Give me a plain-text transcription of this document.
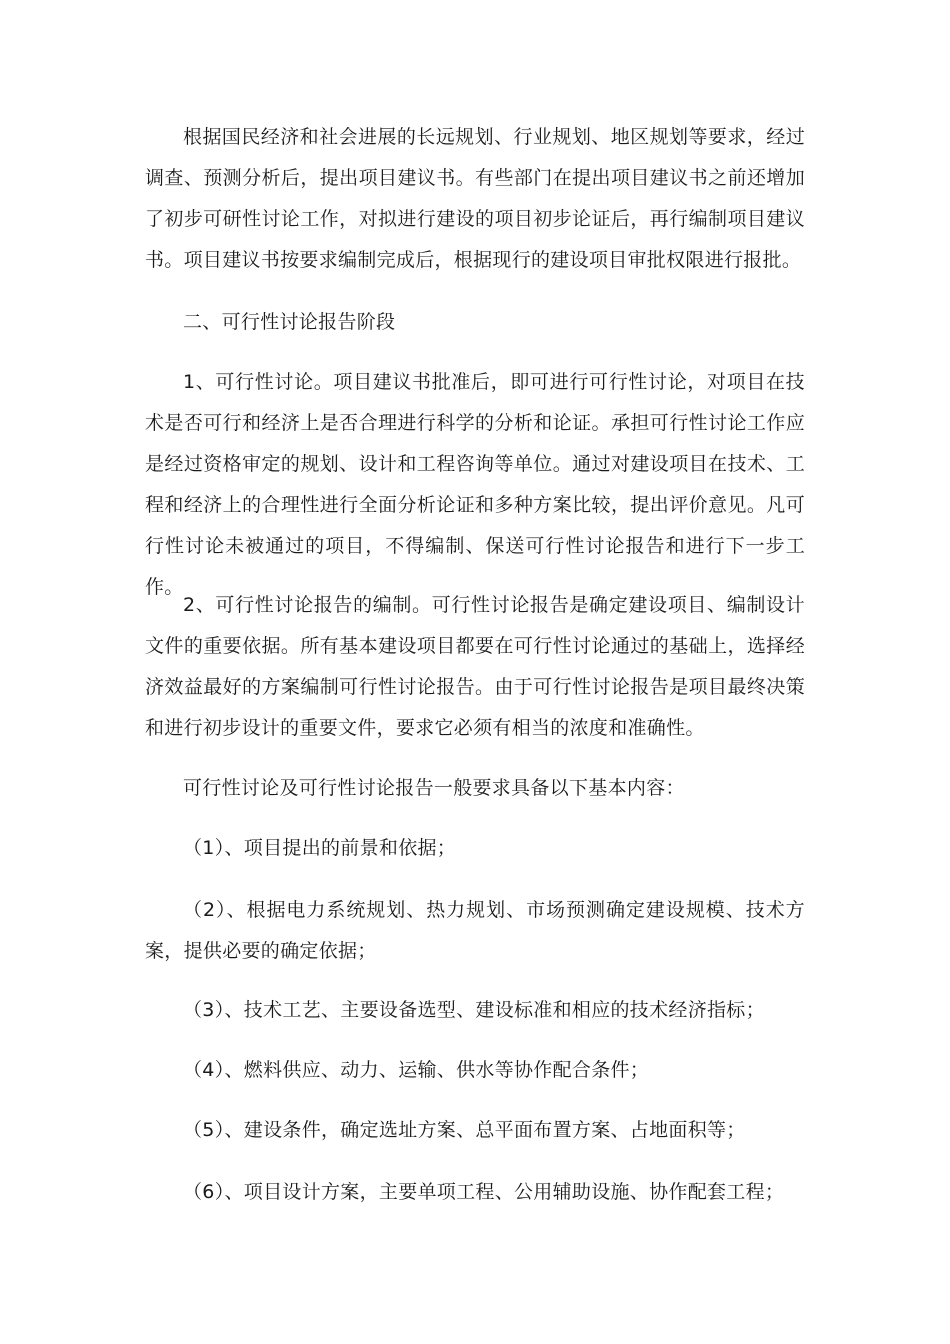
根据国民经济和社会进展的长远规划、行业规划、地区规划等要求，经过调查、预测分析后，提出项目建议书。有些部门在提出项目建议书之前还增加了初步可研性讨论工作，对拟进行建设的项目初步论证后，再行编制项目建议书。项目建议书按要求编制完成后，根据现行的建设项目审批权限进行报批。

二、可行性讨论报告阶段

1、可行性讨论。项目建议书批准后，即可进行可行性讨论，对项目在技术是否可行和经济上是否合理进行科学的分析和论证。承担可行性讨论工作应是经过资格审定的规划、设计和工程咨询等单位。通过对建设项目在技术、工程和经济上的合理性进行全面分析论证和多种方案比较，提出评价意见。凡可行性讨论未被通过的项目，不得编制、保送可行性讨论报告和进行下一步工作。

2、可行性讨论报告的编制。可行性讨论报告是确定建设项目、编制设计文件的重要依据。所有基本建设项目都要在可行性讨论通过的基础上，选择经济效益最好的方案编制可行性讨论报告。由于可行性讨论报告是项目最终决策和进行初步设计的重要文件，要求它必须有相当的浓度和准确性。

可行性讨论及可行性讨论报告一般要求具备以下基本内容：

（1）、项目提出的前景和依据；

（2）、根据电力系统规划、热力规划、市场预测确定建设规模、技术方案，提供必要的确定依据；

（3）、技术工艺、主要设备选型、建设标准和相应的技术经济指标；

（4）、燃料供应、动力、运输、供水等协作配合条件；

（5）、建设条件，确定选址方案、总平面布置方案、占地面积等；

（6）、项目设计方案，主要单项工程、公用辅助设施、协作配套工程；
